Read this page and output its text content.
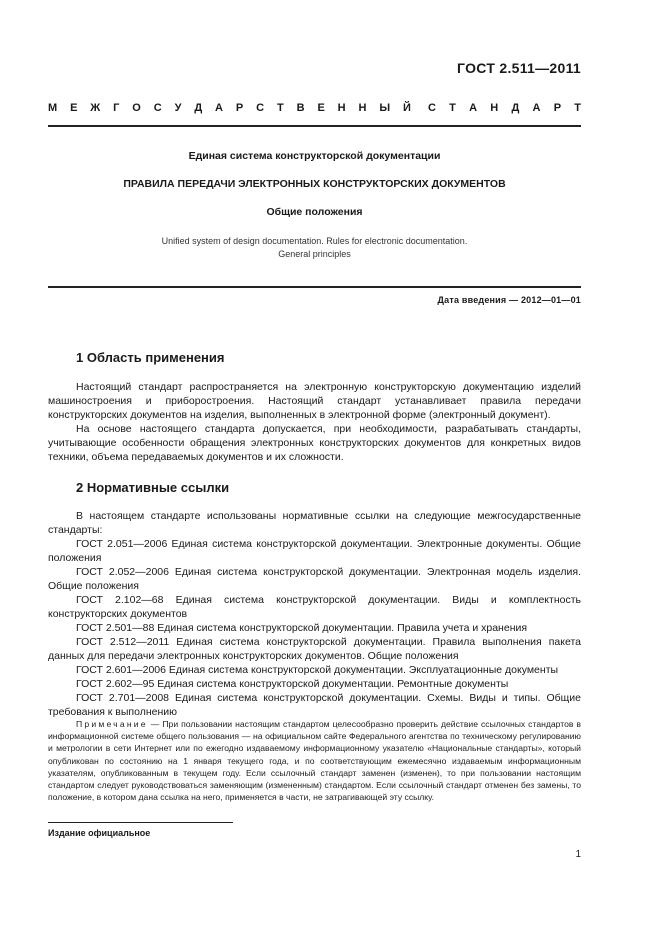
ГОСТ 2.511—2011
М Е Ж Г О С У Д А Р С Т В Е Н Н Ы Й С Т А Н Д А Р Т
Единая система конструкторской документации
ПРАВИЛА ПЕРЕДАЧИ ЭЛЕКТРОННЫХ КОНСТРУКТОРСКИХ ДОКУМЕНТОВ
Общие положения
Unified system of design documentation. Rules for electronic documentation.
General principles
Дата введения — 2012—01—01
1 Область применения
Настоящий стандарт распространяется на электронную конструкторскую документацию изделий машиностроения и приборостроения. Настоящий стандарт устанавливает правила передачи конструкторских документов на изделия, выполненных в электронной форме (электронный документ).
На основе настоящего стандарта допускается, при необходимости, разрабатывать стандарты, учитывающие особенности обращения электронных конструкторских документов для конкретных видов техники, объема передаваемых документов и их сложности.
2 Нормативные ссылки
В настоящем стандарте использованы нормативные ссылки на следующие межгосударственные стандарты:
ГОСТ 2.051—2006 Единая система конструкторской документации. Электронные документы. Общие положения
ГОСТ 2.052—2006 Единая система конструкторской документации. Электронная модель изделия. Общие положения
ГОСТ 2.102—68 Единая система конструкторской документации. Виды и комплектность конструкторских документов
ГОСТ 2.501—88 Единая система конструкторской документации. Правила учета и хранения
ГОСТ 2.512—2011 Единая система конструкторской документации. Правила выполнения пакета данных для передачи электронных конструкторских документов. Общие положения
ГОСТ 2.601—2006 Единая система конструкторской документации. Эксплуатационные документы
ГОСТ 2.602—95 Единая система конструкторской документации. Ремонтные документы
ГОСТ 2.701—2008 Единая система конструкторской документации. Схемы. Виды и типы. Общие требования к выполнению
Примечание — При пользовании настоящим стандартом целесообразно проверить действие ссылочных стандартов в информационной системе общего пользования — на официальном сайте Федерального агентства по техническому регулированию и метрологии в сети Интернет или по ежегодно издаваемому информационному указателю «Национальные стандарты», который опубликован по состоянию на 1 января текущего года, и по соответствующим ежемесячно издаваемым информационным указателям, опубликованным в текущем году. Если ссылочный стандарт заменен (изменен), то при пользовании настоящим стандартом следует руководствоваться заменяющим (измененным) стандартом. Если ссылочный стандарт отменен без замены, то положение, в котором дана ссылка на него, применяется в части, не затрагивающей эту ссылку.
Издание официальное
1
